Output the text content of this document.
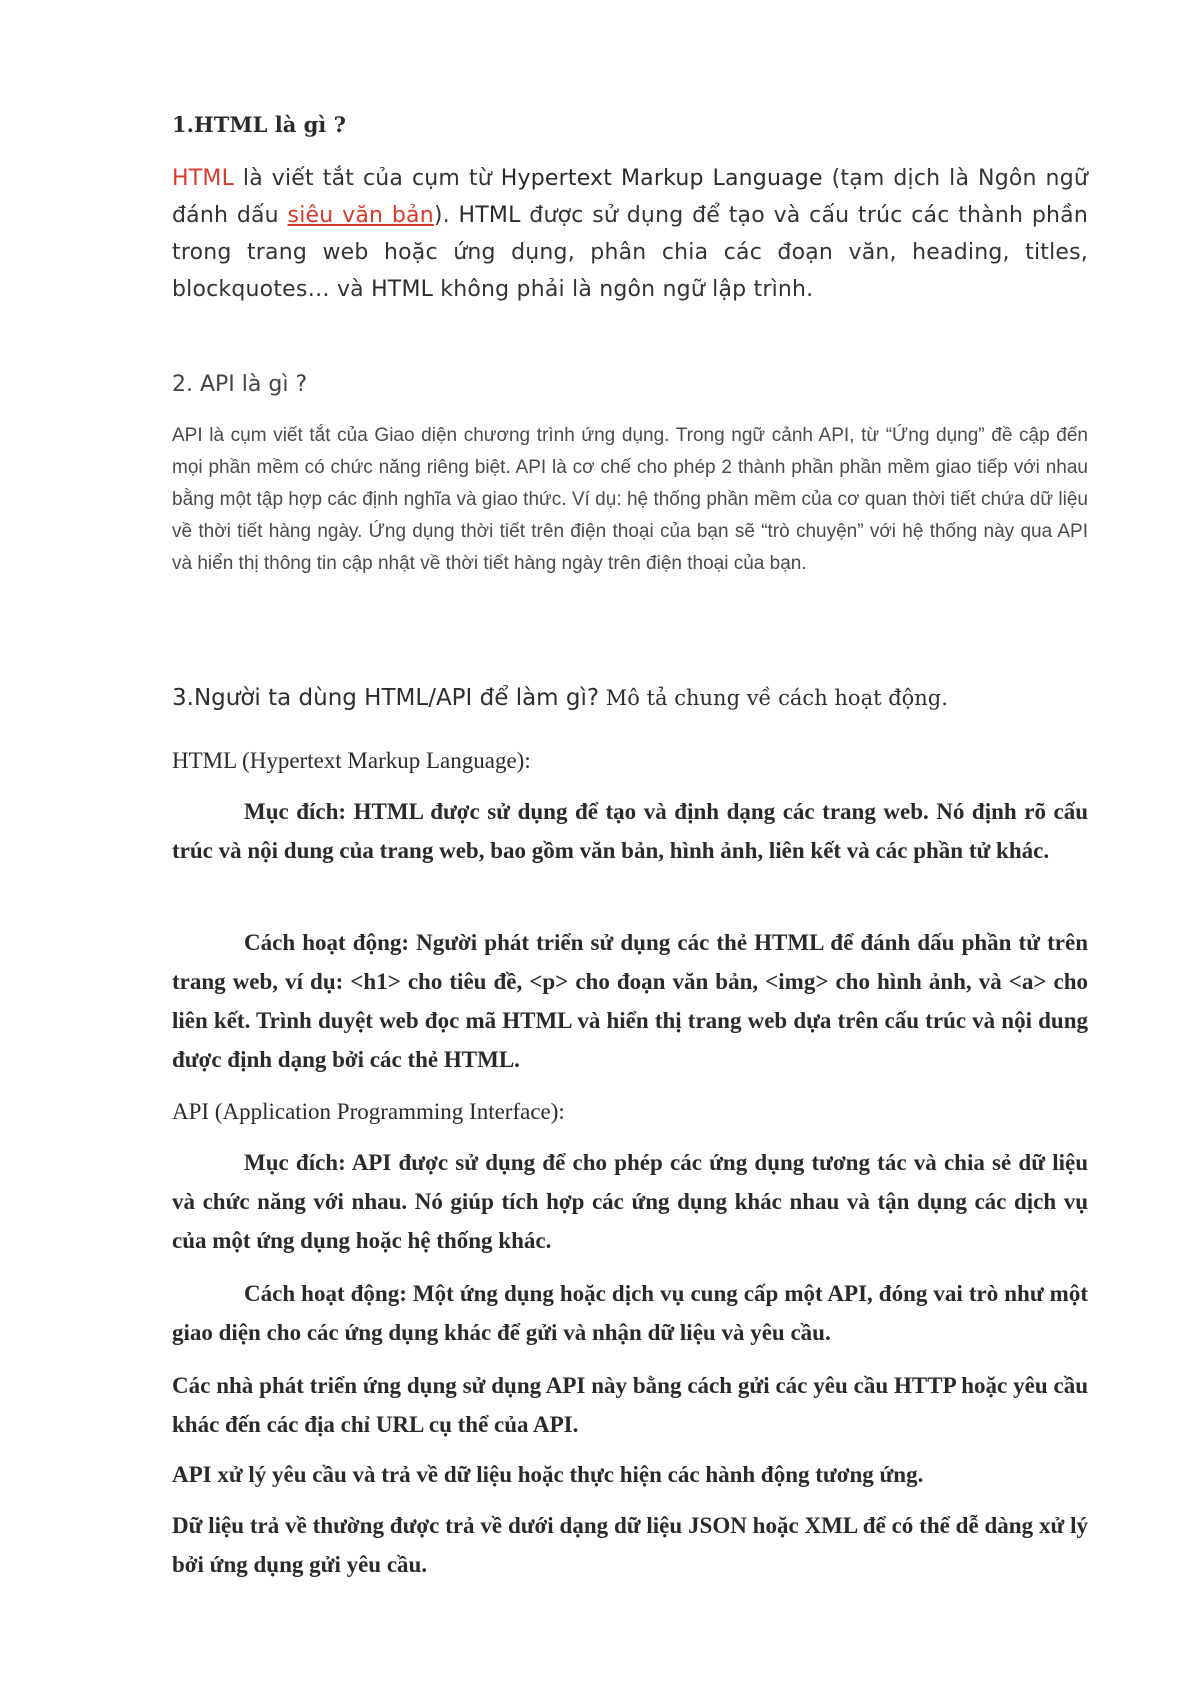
1.HTML là gì ?

HTML là viết tắt của cụm từ Hypertext Markup Language (tạm dịch là Ngôn ngữ đánh dấu siêu văn bản). HTML được sử dụng để tạo và cấu trúc các thành phần trong trang web hoặc ứng dụng, phân chia các đoạn văn, heading, titles, blockquotes… và HTML không phải là ngôn ngữ lập trình.

2. API là gì ?

API là cụm viết tắt của Giao diện chương trình ứng dụng. Trong ngữ cảnh API, từ “Ứng dụng” đề cập đến mọi phần mềm có chức năng riêng biệt. API là cơ chế cho phép 2 thành phần phần mềm giao tiếp với nhau bằng một tập hợp các định nghĩa và giao thức. Ví dụ: hệ thống phần mềm của cơ quan thời tiết chứa dữ liệu về thời tiết hàng ngày. Ứng dụng thời tiết trên điện thoại của bạn sẽ “trò chuyện” với hệ thống này qua API và hiển thị thông tin cập nhật về thời tiết hàng ngày trên điện thoại của bạn.

3.Người ta dùng HTML/API để làm gì? Mô tả chung về cách hoạt động.

HTML (Hypertext Markup Language):

Mục đích: HTML được sử dụng để tạo và định dạng các trang web. Nó định rõ cấu trúc và nội dung của trang web, bao gồm văn bản, hình ảnh, liên kết và các phần tử khác.

Cách hoạt động: Người phát triển sử dụng các thẻ HTML để đánh dấu phần tử trên trang web, ví dụ: <h1> cho tiêu đề, <p> cho đoạn văn bản, <img> cho hình ảnh, và <a> cho liên kết. Trình duyệt web đọc mã HTML và hiển thị trang web dựa trên cấu trúc và nội dung được định dạng bởi các thẻ HTML.

API (Application Programming Interface):

Mục đích: API được sử dụng để cho phép các ứng dụng tương tác và chia sẻ dữ liệu và chức năng với nhau. Nó giúp tích hợp các ứng dụng khác nhau và tận dụng các dịch vụ của một ứng dụng hoặc hệ thống khác.

Cách hoạt động: Một ứng dụng hoặc dịch vụ cung cấp một API, đóng vai trò như một giao diện cho các ứng dụng khác để gửi và nhận dữ liệu và yêu cầu.

Các nhà phát triển ứng dụng sử dụng API này bằng cách gửi các yêu cầu HTTP hoặc yêu cầu khác đến các địa chỉ URL cụ thể của API.

API xử lý yêu cầu và trả về dữ liệu hoặc thực hiện các hành động tương ứng.

Dữ liệu trả về thường được trả về dưới dạng dữ liệu JSON hoặc XML để có thể dễ dàng xử lý bởi ứng dụng gửi yêu cầu.
